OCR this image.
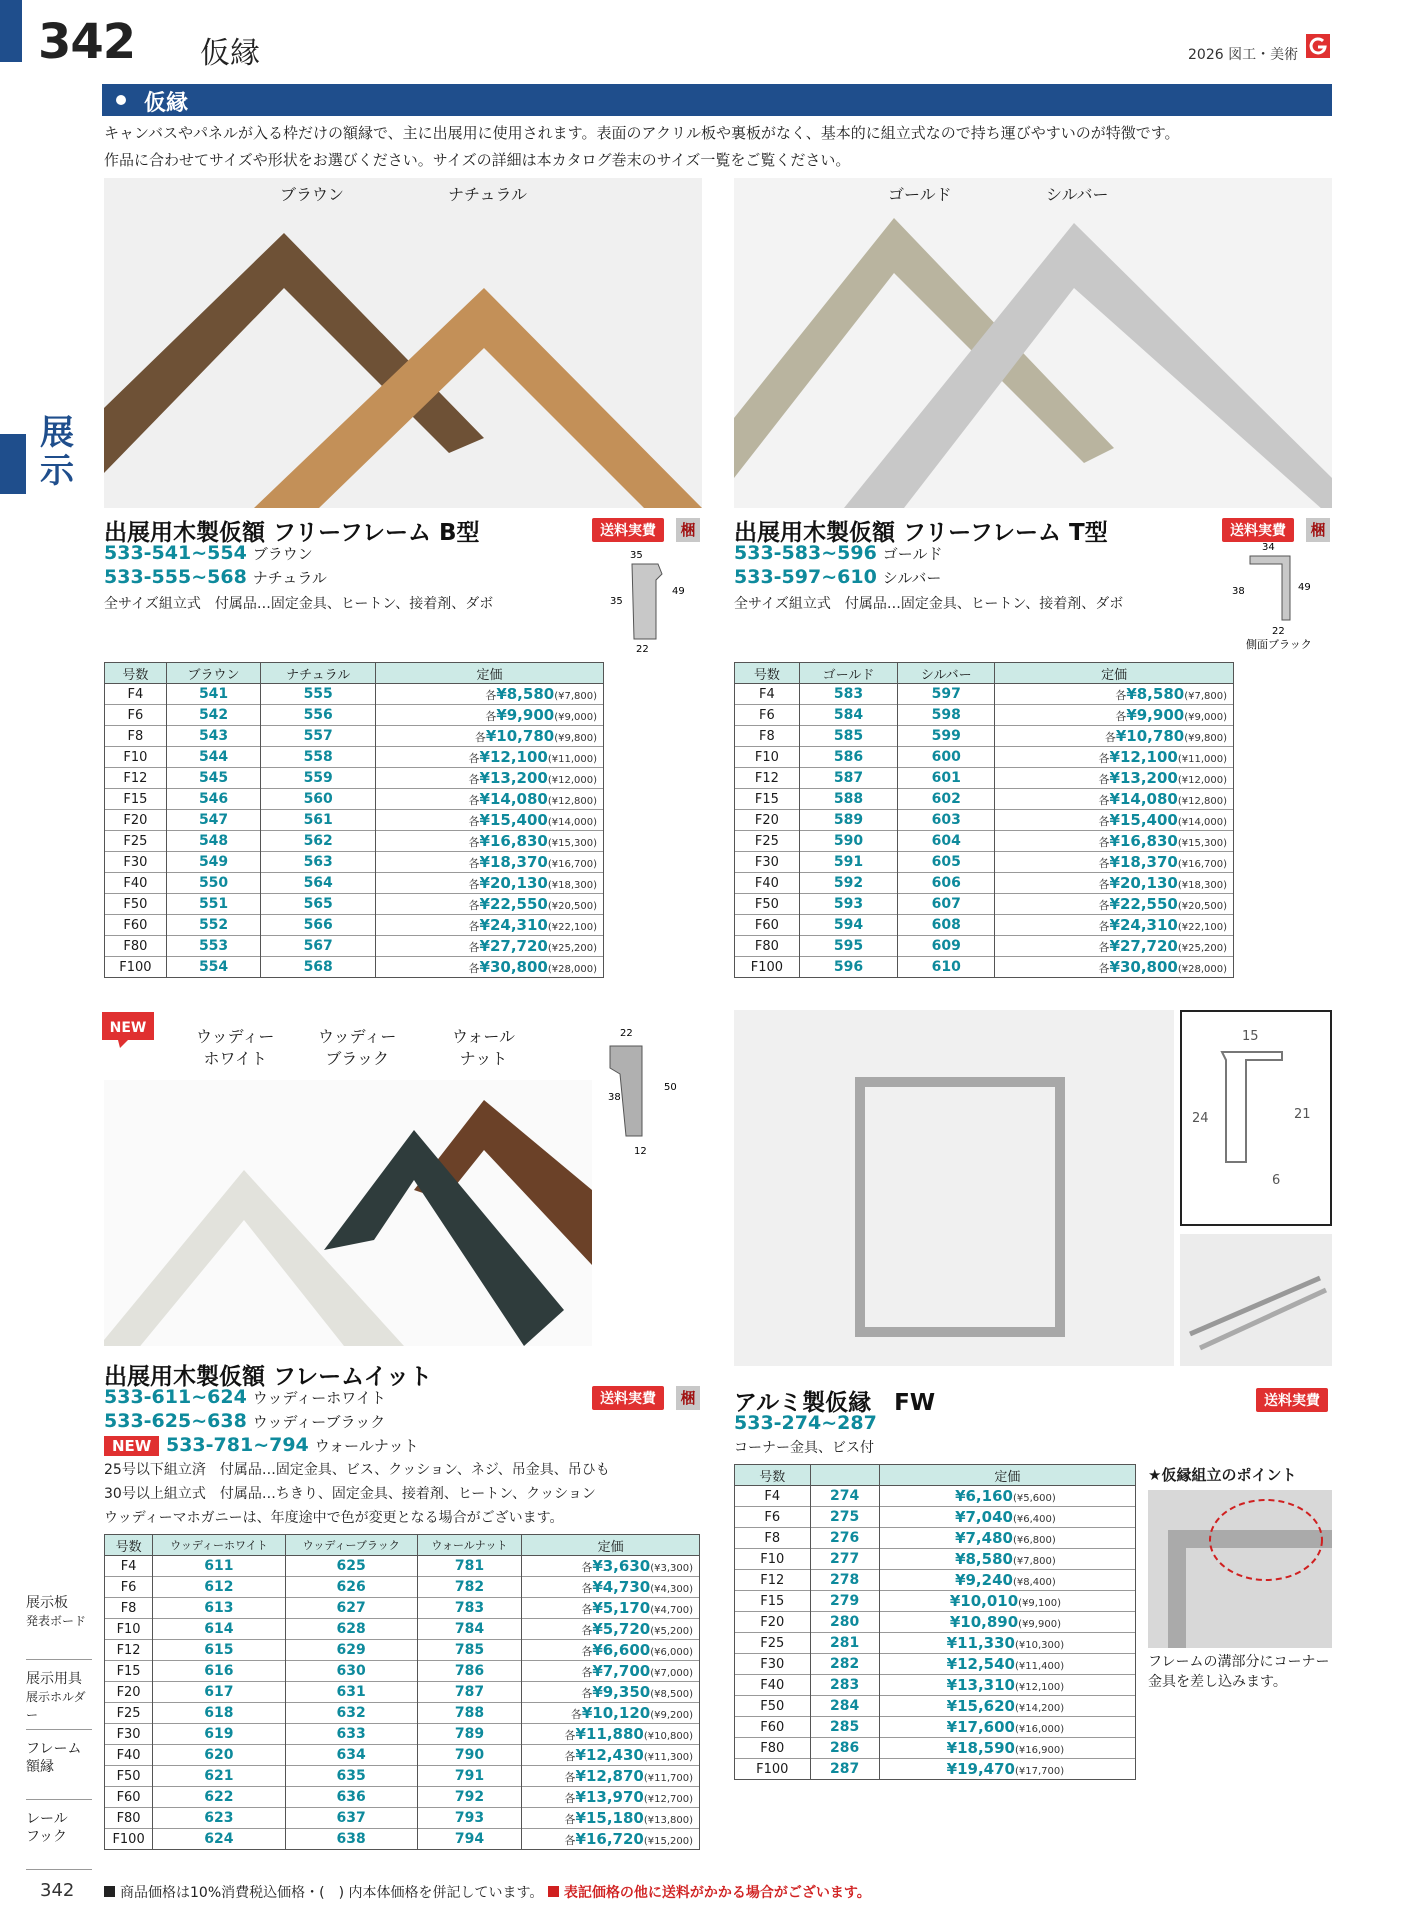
342 仮縁	2026 図工・美術
仮縁
キャンバスやパネルが入る枠だけの額縁で、主に出展用に使用されます。表面のアクリル板や裏板がなく、基本的に組立式なので持ち運びやすいのが特徴です。
作品に合わせてサイズや形状をお選びください。サイズの詳細は本カタログ巻末のサイズ一覧をご覧ください。
展
示
ブラウン	ナチュラル
出展用木製仮額 フリーフレーム B型	送料実費	梱
533-541~554 ブラウン
533-555~568 ナチュラル
全サイズ組立式　付属品…固定金具、ヒートン、接着剤、ダボ
35
35
49
22
号数	ブラウン	ナチュラル	定価
F4	541	555	各¥8,580(¥7,800)
F6	542	556	各¥9,900(¥9,000)
F8	543	557	各¥10,780(¥9,800)
F10	544	558	各¥12,100(¥11,000)
F12	545	559	各¥13,200(¥12,000)
F15	546	560	各¥14,080(¥12,800)
F20	547	561	各¥15,400(¥14,000)
F25	548	562	各¥16,830(¥15,300)
F30	549	563	各¥18,370(¥16,700)
F40	550	564	各¥20,130(¥18,300)
F50	551	565	各¥22,550(¥20,500)
F60	552	566	各¥24,310(¥22,100)
F80	553	567	各¥27,720(¥25,200)
F100	554	568	各¥30,800(¥28,000)
ゴールド	シルバー
出展用木製仮額 フリーフレーム T型	送料実費	梱
533-583~596 ゴールド
533-597~610 シルバー
全サイズ組立式　付属品…固定金具、ヒートン、接着剤、ダボ
34
38	49
22
側面ブラック
号数	ゴールド	シルバー	定価
F4	583	597	各¥8,580(¥7,800)
F6	584	598	各¥9,900(¥9,000)
F8	585	599	各¥10,780(¥9,800)
F10	586	600	各¥12,100(¥11,000)
F12	587	601	各¥13,200(¥12,000)
F15	588	602	各¥14,080(¥12,800)
F20	589	603	各¥15,400(¥14,000)
F25	590	604	各¥16,830(¥15,300)
F30	591	605	各¥18,370(¥16,700)
F40	592	606	各¥20,130(¥18,300)
F50	593	607	各¥22,550(¥20,500)
F60	594	608	各¥24,310(¥22,100)
F80	595	609	各¥27,720(¥25,200)
F100	596	610	各¥30,800(¥28,000)
NEW	ウッディー
ホワイト
ウッディー
ブラック
ウォール
ナット
22
38
50
12
出展用木製仮額 フレームイット
送料実費	梱
533-611~624 ウッディーホワイト
533-625~638 ウッディーブラック
NEW 533-781~794 ウォールナット
25号以下組立済　付属品…固定金具、ビス、クッション、ネジ、吊金具、吊ひも
30号以上組立式　付属品…ちきり、固定金具、接着剤、ヒートン、クッション
ウッディーマホガニーは、年度途中で色が変更となる場合がございます。
号数	ウッディーホワイト	ウッディーブラック	ウォールナット	定価
F4	611	625	781	各¥3,630(¥3,300)
F6	612	626	782	各¥4,730(¥4,300)
F8	613	627	783	各¥5,170(¥4,700)
F10	614	628	784	各¥5,720(¥5,200)
F12	615	629	785	各¥6,600(¥6,000)
F15	616	630	786	各¥7,700(¥7,000)
F20	617	631	787	各¥9,350(¥8,500)
F25	618	632	788	各¥10,120(¥9,200)
F30	619	633	789	各¥11,880(¥10,800)
F40	620	634	790	各¥12,430(¥11,300)
F50	621	635	791	各¥12,870(¥11,700)
F60	622	636	792	各¥13,970(¥12,700)
F80	623	637	793	各¥15,180(¥13,800)
F100	624	638	794	各¥16,720(¥15,200)
15
24	21
6
アルミ製仮縁　FW	送料実費
533-274~287
コーナー金具、ビス付
号数		定価
F4	274	¥6,160(¥5,600)
F6	275	¥7,040(¥6,400)
F8	276	¥7,480(¥6,800)
F10	277	¥8,580(¥7,800)
F12	278	¥9,240(¥8,400)
F15	279	¥10,010(¥9,100)
F20	280	¥10,890(¥9,900)
F25	281	¥11,330(¥10,300)
F30	282	¥12,540(¥11,400)
F40	283	¥13,310(¥12,100)
F50	284	¥15,620(¥14,200)
F60	285	¥17,600(¥16,000)
F80	286	¥18,590(¥16,900)
F100	287	¥19,470(¥17,700)
★仮縁組立のポイント
フレームの溝部分にコーナー金具を差し込みます。
展示板
発表ボード
展示用具
展示ホルダー
フレーム
額縁
レール
フック
342	商品価格は10%消費税込価格・(　) 内本体価格を併記しています。 表記価格の他に送料がかかる場合がございます。
